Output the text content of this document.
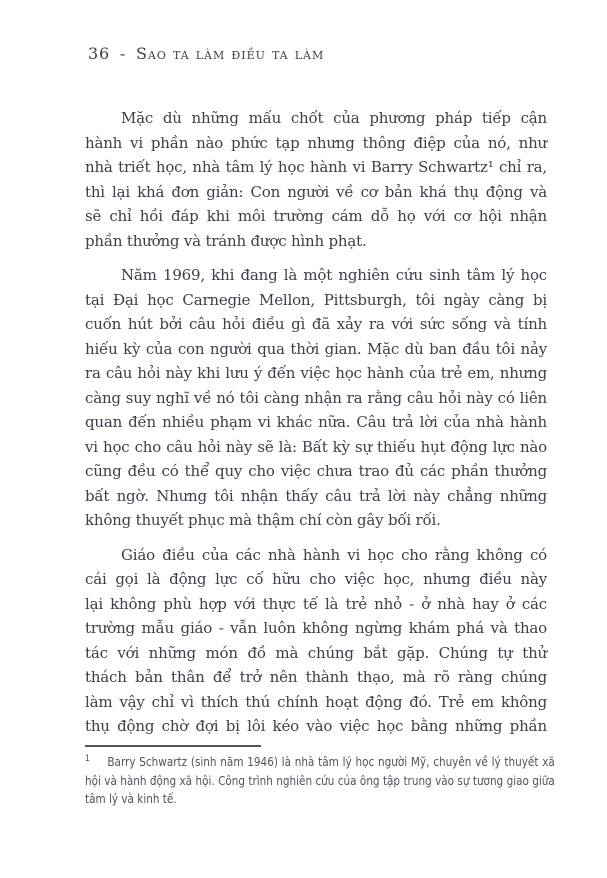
36 - Sao ta làm điều ta làm
Mặc dù những mấu chốt của phương pháp tiếp cận
hành vi phần nào phức tạp nhưng thông điệp của nó, như
nhà triết học, nhà tâm lý học hành vi Barry Schwartz¹ chỉ ra,
thì lại khá đơn giản: Con người về cơ bản khá thụ động và
sẽ chỉ hồi đáp khi môi trường cám dỗ họ với cơ hội nhận
phần thưởng và tránh được hình phạt.
Năm 1969, khi đang là một nghiên cứu sinh tâm lý học
tại Đại học Carnegie Mellon, Pittsburgh, tôi ngày càng bị
cuốn hút bởi câu hỏi điều gì đã xảy ra với sức sống và tính
hiếu kỳ của con người qua thời gian. Mặc dù ban đầu tôi nảy
ra câu hỏi này khi lưu ý đến việc học hành của trẻ em, nhưng
càng suy nghĩ về nó tôi càng nhận ra rằng câu hỏi này có liên
quan đến nhiều phạm vi khác nữa. Câu trả lời của nhà hành
vi học cho câu hỏi này sẽ là: Bất kỳ sự thiếu hụt động lực nào
cũng đều có thể quy cho việc chưa trao đủ các phần thưởng
bất ngờ. Nhưng tôi nhận thấy câu trả lời này chẳng những
không thuyết phục mà thậm chí còn gây bối rối.
Giáo điều của các nhà hành vi học cho rằng không có
cái gọi là động lực cố hữu cho việc học, nhưng điều này
lại không phù hợp với thực tế là trẻ nhỏ - ở nhà hay ở các
trường mẫu giáo - vẫn luôn không ngừng khám phá và thao
tác với những món đồ mà chúng bắt gặp. Chúng tự thử
thách bản thân để trở nên thành thạo, mà rõ ràng chúng
làm vậy chỉ vì thích thú chính hoạt động đó. Trẻ em không
thụ động chờ đợi bị lôi kéo vào việc học bằng những phần
$^1$ Barry Schwartz (sinh năm 1946) là nhà tâm lý học người Mỹ, chuyên về lý thuyết xã hội và hành động xã hội. Công trình nghiên cứu của ông tập trung vào sự tương giao giữa tâm lý và kinh tế.
